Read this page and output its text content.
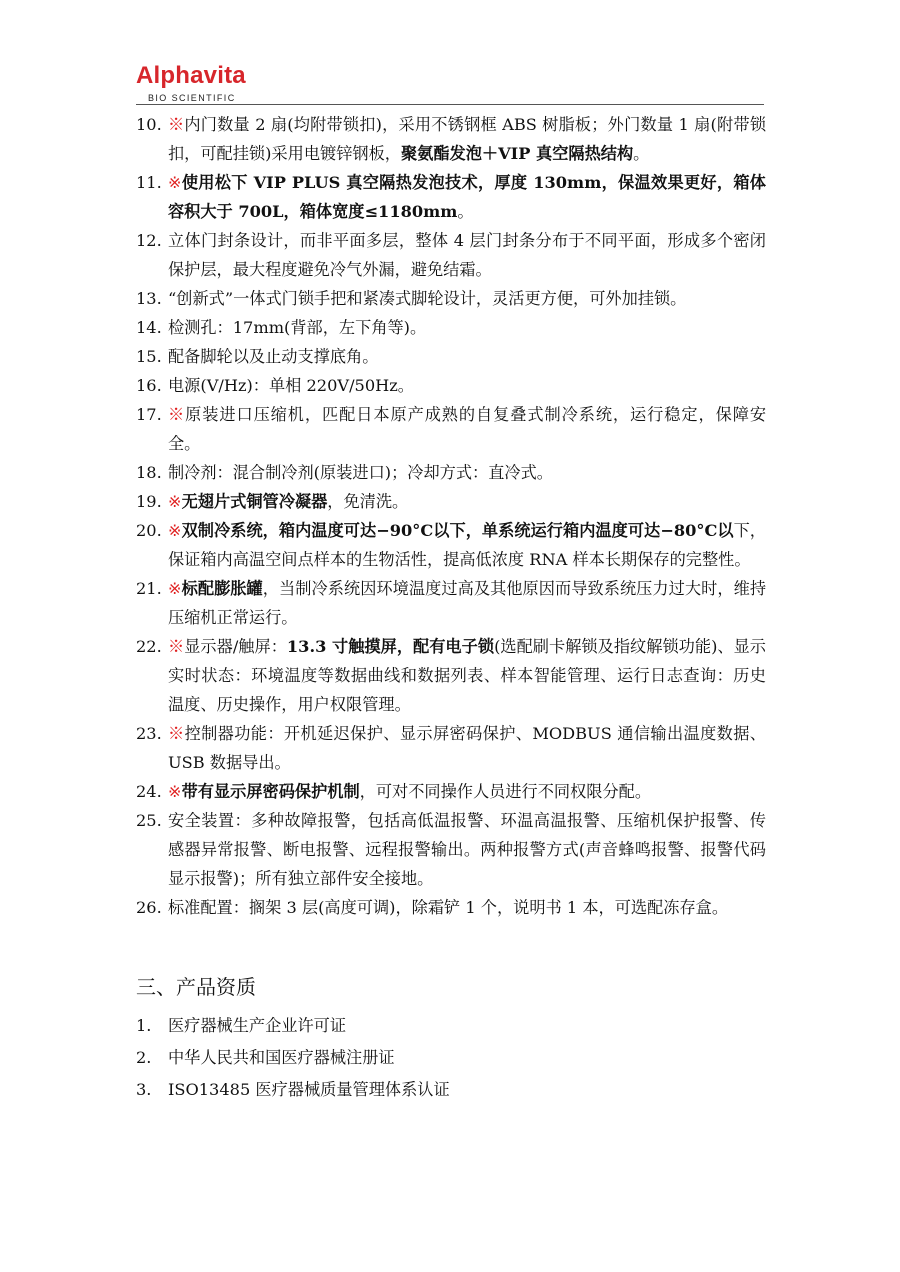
Alphavita
BIO SCIENTIFIC
10. ※内门数量 2 扇(均附带锁扣)，采用不锈钢框 ABS 树脂板；外门数量 1 扇(附带锁扣，可配挂锁)采用电镀锌钢板，聚氨酯发泡＋VIP 真空隔热结构。
11. ※使用松下 VIP PLUS 真空隔热发泡技术，厚度 130mm，保温效果更好，箱体容积大于 700L，箱体宽度≤1180mm。
12. 立体门封条设计，而非平面多层，整体 4 层门封条分布于不同平面，形成多个密闭保护层，最大程度避免冷气外漏，避免结霜。
13. “创新式”一体式门锁手把和紧凑式脚轮设计，灵活更方便，可外加挂锁。
14. 检测孔：17mm(背部，左下角等)。
15. 配备脚轮以及止动支撑底角。
16. 电源(V/Hz)：单相 220V/50Hz。
17. ※原装进口压缩机，匹配日本原产成熟的自复叠式制冷系统，运行稳定，保障安全。
18. 制冷剂：混合制冷剂(原装进口)；冷却方式：直冷式。
19. ※无翅片式铜管冷凝器，免清洗。
20. ※双制冷系统，箱内温度可达−90°C以下，单系统运行箱内温度可达−80°C以下，保证箱内高温空间点样本的生物活性，提高低浓度 RNA 样本长期保存的完整性。
21. ※标配膨胀罐，当制冷系统因环境温度过高及其他原因而导致系统压力过大时，维持压缩机正常运行。
22. ※显示器/触屏：13.3 寸触摸屏，配有电子锁(选配刷卡解锁及指纹解锁功能)、显示实时状态：环境温度等数据曲线和数据列表、样本智能管理、运行日志查询：历史温度、历史操作，用户权限管理。
23. ※控制器功能：开机延迟保护、显示屏密码保护、MODBUS 通信输出温度数据、USB 数据导出。
24. ※带有显示屏密码保护机制，可对不同操作人员进行不同权限分配。
25. 安全装置：多种故障报警，包括高低温报警、环温高温报警、压缩机保护报警、传感器异常报警、断电报警、远程报警输出。两种报警方式(声音蜂鸣报警、报警代码显示报警)；所有独立部件安全接地。
26. 标准配置：搁架 3 层(高度可调)，除霜铲 1 个，说明书 1 本，可选配冻存盒。
三、产品资质
1. 医疗器械生产企业许可证
2. 中华人民共和国医疗器械注册证
3. ISO13485 医疗器械质量管理体系认证
